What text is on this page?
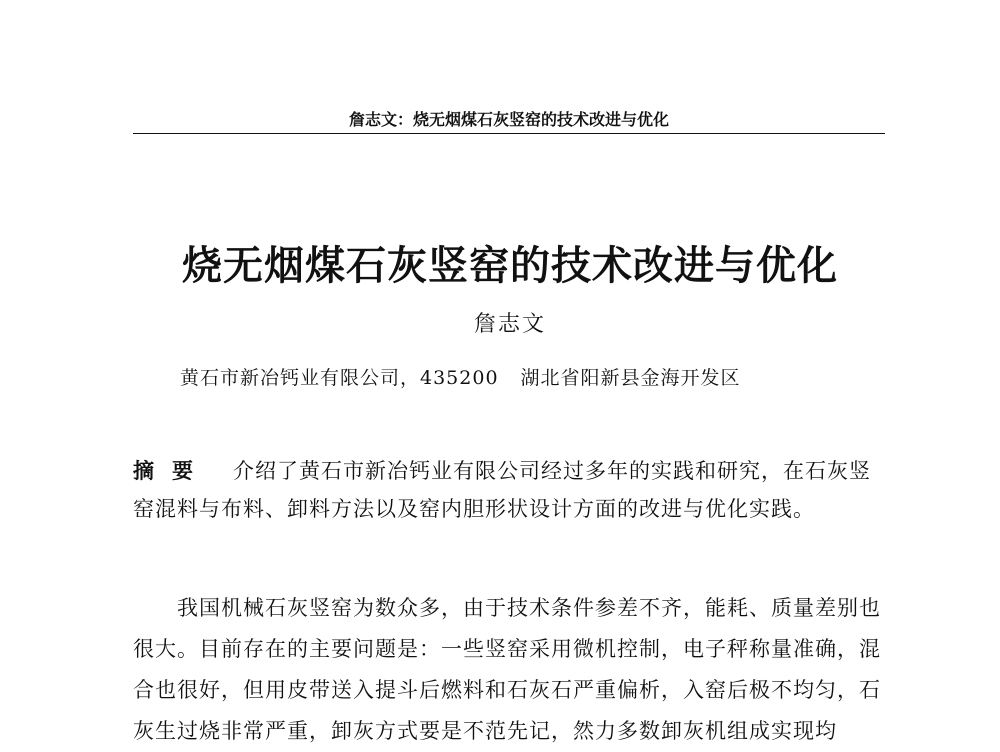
詹志文：烧无烟煤石灰竖窑的技术改进与优化
烧无烟煤石灰竖窑的技术改进与优化
詹志文
黄石市新冶钙业有限公司，435200 湖北省阳新县金海开发区
摘要 介绍了黄石市新冶钙业有限公司经过多年的实践和研究，在石灰竖窑混料与布料、卸料方法以及窑内胆形状设计方面的改进与优化实践。
我国机械石灰竖窑为数众多，由于技术条件参差不齐，能耗、质量差别也很大。目前存在的主要问题是：一些竖窑采用微机控制，电子秤称量准确，混合也很好，但用皮带送入提斗后燃料和石灰石严重偏析，入窑后极不均匀，石灰生过烧非常严重，卸灰方式要是不范先记，然力多数卸灰机组成实现均
